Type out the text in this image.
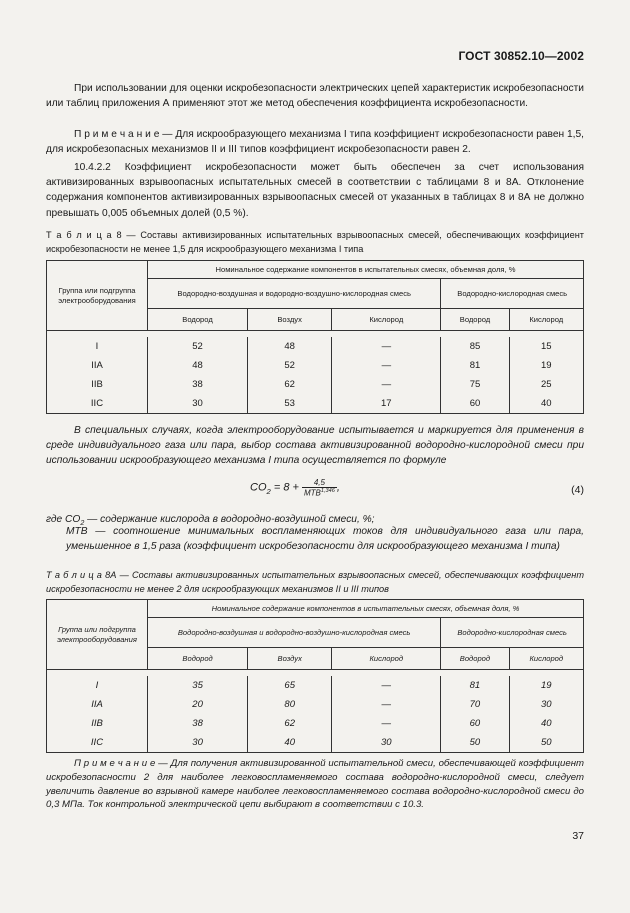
ГОСТ 30852.10—2002

При использовании для оценки искробезопасности электрических цепей характеристик искробезопасности или таблиц приложения А применяют этот же метод обеспечения коэффициента искробезопасности.

П р и м е ч а н и е — Для искрообразующего механизма I типа коэффициент искробезопасности равен 1,5, для искробезопасных механизмов II и III типов коэффициент искробезопасности равен 2.

10.4.2.2 Коэффициент искробезопасности может быть обеспечен за счет использования активизированных взрывоопасных испытательных смесей в соответствии с таблицами 8 и 8А. Отклонение содержания компонентов активизированных взрывоопасных смесей от указанных в таблицах 8 и 8А не должно превышать 0,005 объемных долей (0,5 %).

Т а б л и ц а 8 — Составы активизированных испытательных взрывоопасных смесей, обеспечивающих коэффициент искробезопасности не менее 1,5 для искрообразующего механизма I типа

Группа или подгруппа электрооборудования	Номинальное содержание компонентов в испытательных смесях, объемная доля, %				
	Водородно-воздушная и водородно-воздушно-кислородная смесь			Водородно-кислородная смесь	
	Водород	Воздух	Кислород	Водород	Кислород

I	52	48	—	85	15
IIA	48	52	—	81	19
IIB	38	62	—	75	25
IIC	30	53	17	60	40

В специальных случаях, когда электрооборудование испытывается и маркируется для применения в среде индивидуального газа или пара, выбор состава активизированной водородно-кислородной смеси при использовании искрообразующего механизма I типа осуществляется по формуле

$CO_2 = 8 + \frac{4,5}{MTB^{1,346}}$ ,	(4)

где $CO_2$ — содержание кислорода в водородно-воздушной смеси, %;

МТВ — соотношение минимальных воспламеняющих токов для индивидуального газа или пара, уменьшенное в 1,5 раза (коэффициент искробезопасности для искрообразующего механизма I типа)

Т а б л и ц а 8А — Составы активизированных испытательных взрывоопасных смесей, обеспечивающих коэффициент искробезопасности не менее 2 для искрообразующих механизмов II и III типов

Группа или подгруппа электрооборудования	Номинальное содержание компонентов в испытательных смесях, объемная доля, %				
	Водородно-воздушная и водородно-воздушно-кислородная смесь			Водородно-кислородная смесь	
	Водород	Воздух	Кислород	Водород	Кислород

I	35	65	—	81	19
IIA	20	80	—	70	30
IIB	38	62	—	60	40
IIC	30	40	30	50	50

П р и м е ч а н и е — Для получения активизированной испытательной смеси, обеспечивающей коэффициент искробезопасности 2 для наиболее легковоспламеняемого состава водородно-кислородной смеси, следует увеличить давление во взрывной камере наиболее легковоспламеняемого состава водородно-кислородной смеси до 0,3 МПа. Ток контрольной электрической цепи выбирают в соответствии с 10.3.

37
